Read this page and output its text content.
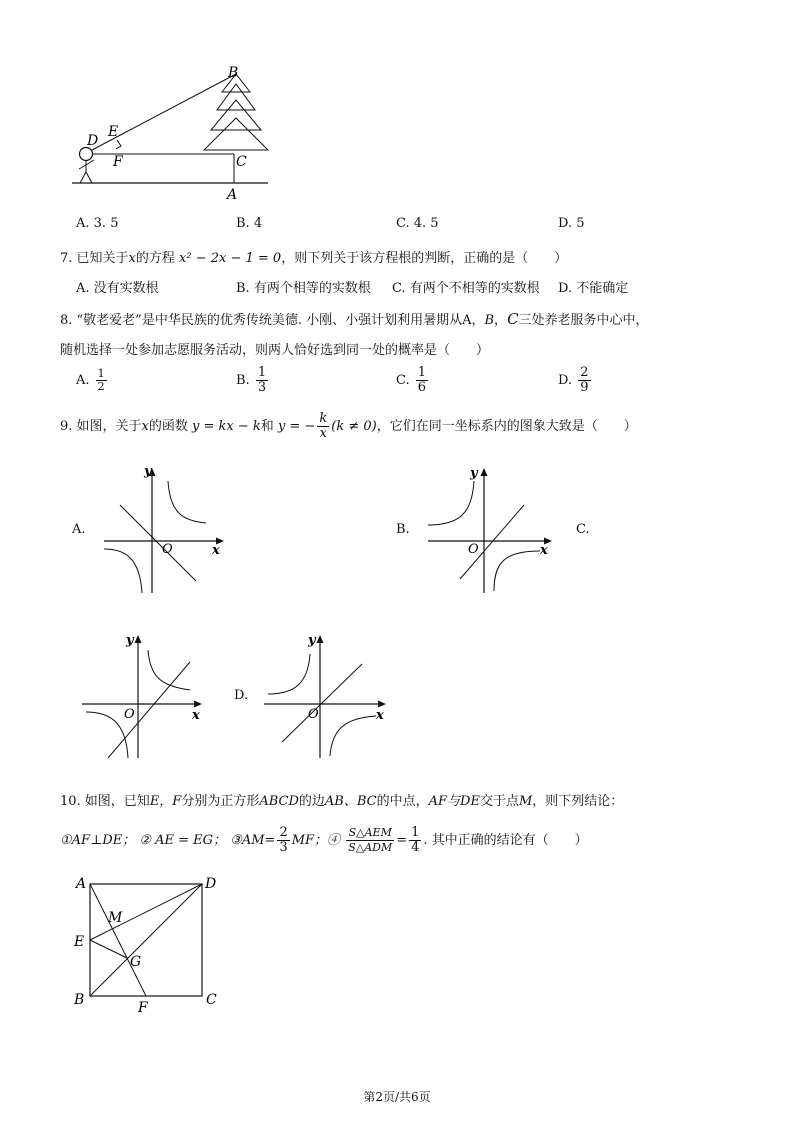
B
D
E
F	C
A
A. 3. 5	B. 4	C. 4. 5	D. 5
7. 已知关于x的方程 x² − 2x − 1 = 0，则下列关于该方程根的判断，正确的是（　　）
A. 没有实数根	B. 有两个相等的实数根 C. 有两个不相等的实数根 D. 不能确定
8. “敬老爱老”是中华民族的优秀传统美德. 小刚、小强计划利用暑期从A，B，C三处养老服务中心中，
随机选择一处参加志愿服务活动，则两人恰好选到同一处的概率是（　　）
A. $\frac{1}{2}$	B. $\frac{1}{3}$	C. $\frac{1}{6}$	D. $\frac{2}{9}$
9. 如图，关于x的函数 y = kx − k和 y = − $\frac{k}{x} (k \ne 0)$，它们在同一坐标系内的图象大致是（　　）
A.	B.	C.
D.
y
O	x
y
O	x
y
O	x
y
O	x
10. 如图，已知E，F分别为正方形ABCD的边AB、BC的中点，AF与DE交于点M，则下列结论：
①AF⊥DE； ② AE = EG； ③AM= $\frac{2}{3}$ MF；④ $\frac{\text{S△AEM}}{\text{S△ADM}} = \frac{1}{4}$ . 其中正确的结论有（　　）
A	D
M
E
G
B	F	C
第2页/共6页
